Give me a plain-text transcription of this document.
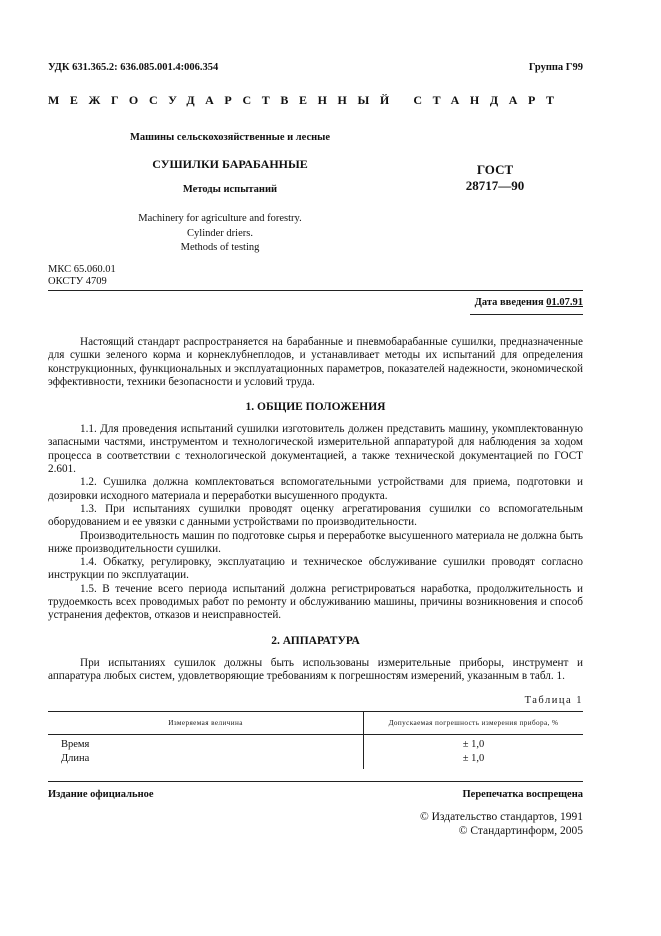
УДК 631.365.2: 636.085.001.4:006.354	Группа Г99
МЕЖГОСУДАРСТВЕННЫЙ СТАНДАРТ
Машины сельскохозяйственные и лесные
СУШИЛКИ БАРАБАННЫЕ
Методы испытаний
ГОСТ
28717—90
Machinery for agriculture and forestry.
Cylinder driers.
Methods of testing
МКС 65.060.01
ОКСТУ 4709
Дата введения 01.07.91

Настоящий стандарт распространяется на барабанные и пневмобарабанные сушилки, предназначенные для сушки зеленого корма и корнеклубнеплодов, и устанавливает методы их испытаний для определения конструкционных, функциональных и эксплуатационных параметров, показателей надежности, экономической эффективности, техники безопасности и условий труда.

1. ОБЩИЕ ПОЛОЖЕНИЯ

1.1. Для проведения испытаний сушилки изготовитель должен представить машину, укомплектованную запасными частями, инструментом и технологической измерительной аппаратурой для наблюдения за ходом процесса в соответствии с технологической документацией, а также технической документацией по ГОСТ 2.601.

1.2. Сушилка должна комплектоваться вспомогательными устройствами для приема, подготовки и дозировки исходного материала и переработки высушенного продукта.

1.3. При испытаниях сушилки проводят оценку агрегатирования сушилки со вспомогательным оборудованием и ее увязки с данными устройствами по производительности.

Производительность машин по подготовке сырья и переработке высушенного материала не должна быть ниже производительности сушилки.

1.4. Обкатку, регулировку, эксплуатацию и техническое обслуживание сушилки проводят согласно инструкции по эксплуатации.

1.5. В течение всего периода испытаний должна регистрироваться наработка, продолжительность и трудоемкость всех проводимых работ по ремонту и обслуживанию машины, причины возникновения и способ устранения дефектов, отказов и неисправностей.

2. АППАРАТУРА

При испытаниях сушилок должны быть использованы измерительные приборы, инструмент и аппаратура любых систем, удовлетворяющие требованиям к погрешностям измерений, указанным в табл. 1.

Таблица 1
Измеряемая величина	Допускаемая погрешность измерения прибора, %
Время	± 1,0
Длина	± 1,0
Издание официальное	Перепечатка воспрещена
© Издательство стандартов, 1991
© Стандартинформ, 2005
